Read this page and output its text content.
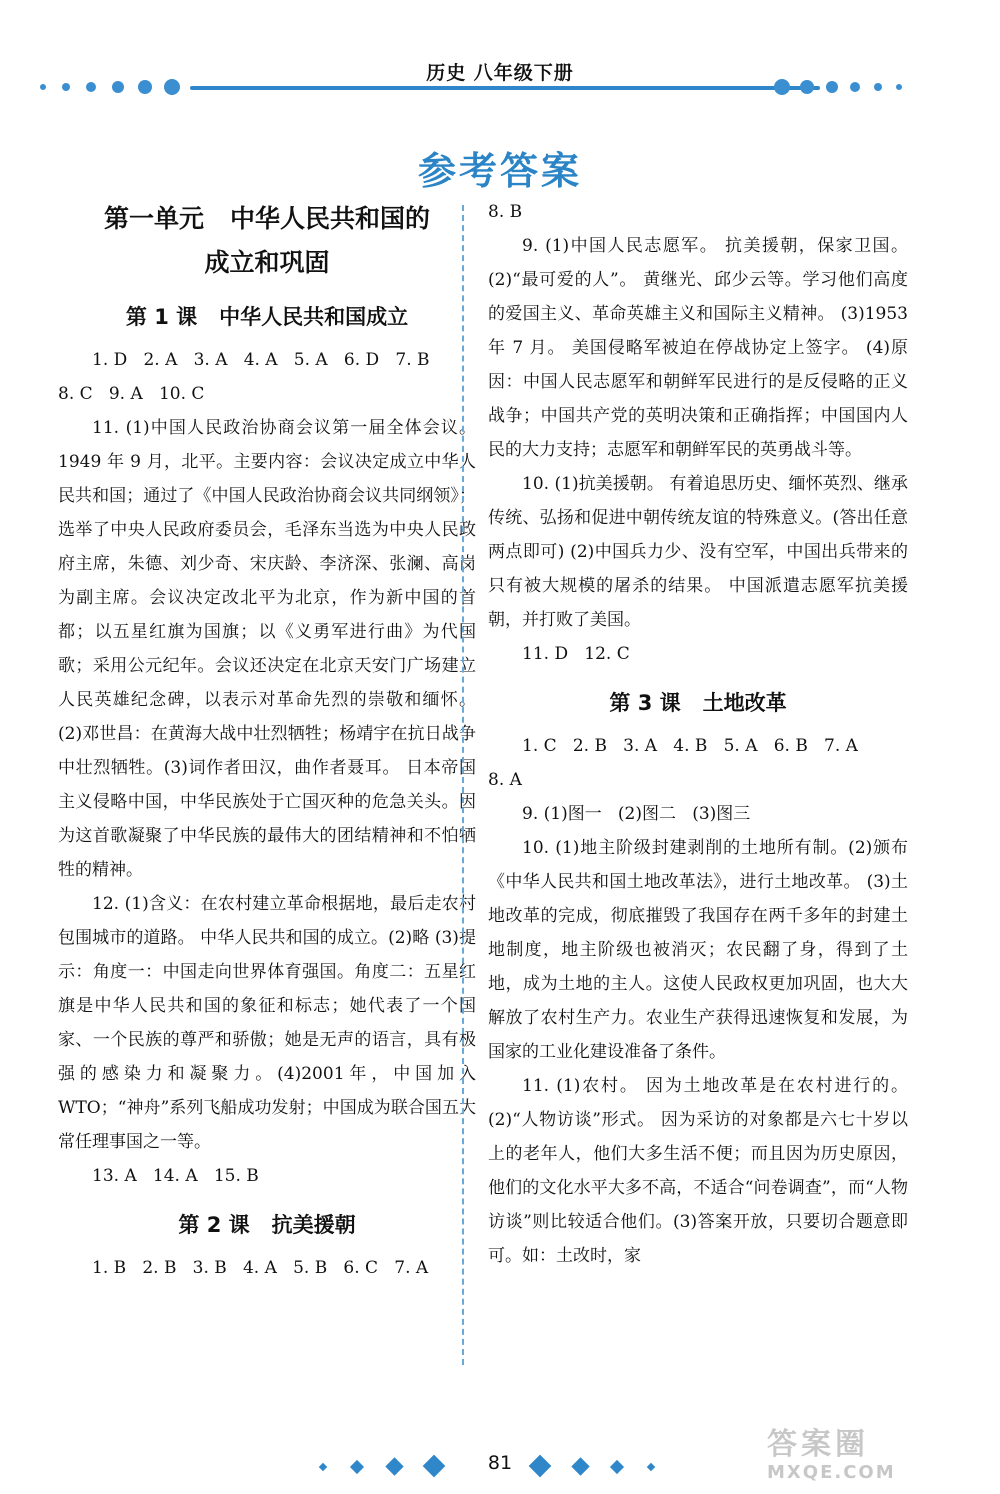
历史 八年级下册
参考答案
第一单元   中华人民共和国的
成立和巩固
第 1 课   中华人民共和国成立

1. D   2. A   3. A   4. A   5. A   6. D   7. B

8. C   9. A   10. C

11. (1)中国人民政治协商会议第一届全体会议。1949 年 9 月，北平。主要内容：会议决定成立中华人民共和国；通过了《中国人民政治协商会议共同纲领》；选举了中央人民政府委员会，毛泽东当选为中央人民政府主席，朱德、刘少奇、宋庆龄、李济深、张澜、高岗为副主席。会议决定改北平为北京，作为新中国的首都；以五星红旗为国旗；以《义勇军进行曲》为代国歌；采用公元纪年。会议还决定在北京天安门广场建立人民英雄纪念碑，以表示对革命先烈的崇敬和缅怀。 (2)邓世昌：在黄海大战中壮烈牺牲；杨靖宇在抗日战争中壮烈牺牲。(3)词作者田汉，曲作者聂耳。 日本帝国主义侵略中国，中华民族处于亡国灭种的危急关头。因为这首歌凝聚了中华民族的最伟大的团结精神和不怕牺牲的精神。

12. (1)含义：在农村建立革命根据地，最后走农村包围城市的道路。 中华人民共和国的成立。(2)略 (3)提示：角度一：中国走向世界体育强国。角度二：五星红旗是中华人民共和国的象征和标志；她代表了一个国家、一个民族的尊严和骄傲；她是无声的语言，具有极强的感染力和凝聚力。(4)2001年，中国加入 WTO；“神舟”系列飞船成功发射；中国成为联合国五大常任理事国之一等。

13. A   14. A   15. B

第 2 课   抗美援朝

1. B   2. B   3. B   4. A   5. B   6. C   7. A

8. B

9. (1)中国人民志愿军。 抗美援朝，保家卫国。 (2)“最可爱的人”。 黄继光、邱少云等。学习他们高度的爱国主义、革命英雄主义和国际主义精神。 (3)1953 年 7 月。 美国侵略军被迫在停战协定上签字。 (4)原因：中国人民志愿军和朝鲜军民进行的是反侵略的正义战争；中国共产党的英明决策和正确指挥；中国国内人民的大力支持；志愿军和朝鲜军民的英勇战斗等。

10. (1)抗美援朝。 有着追思历史、缅怀英烈、继承传统、弘扬和促进中朝传统友谊的特殊意义。(答出任意两点即可) (2)中国兵力少、没有空军，中国出兵带来的只有被大规模的屠杀的结果。 中国派遣志愿军抗美援朝，并打败了美国。

11. D   12. C

第 3 课   土地改革

1. C   2. B   3. A   4. B   5. A   6. B   7. A

8. A

9. (1)图一   (2)图二   (3)图三

10. (1)地主阶级封建剥削的土地所有制。(2)颁布《中华人民共和国土地改革法》，进行土地改革。 (3)土地改革的完成，彻底摧毁了我国存在两千多年的封建土地制度，地主阶级也被消灭；农民翻了身，得到了土地，成为土地的主人。这使人民政权更加巩固，也大大解放了农村生产力。农业生产获得迅速恢复和发展，为国家的工业化建设准备了条件。

11. (1)农村。 因为土地改革是在农村进行的。 (2)“人物访谈”形式。 因为采访的对象都是六七十岁以上的老年人，他们大多生活不便；而且因为历史原因，他们的文化水平大多不高，不适合“问卷调查”，而“人物访谈”则比较适合他们。(3)答案开放，只要切合题意即可。如：土改时，家

81
答案圈
MXQE.COM
